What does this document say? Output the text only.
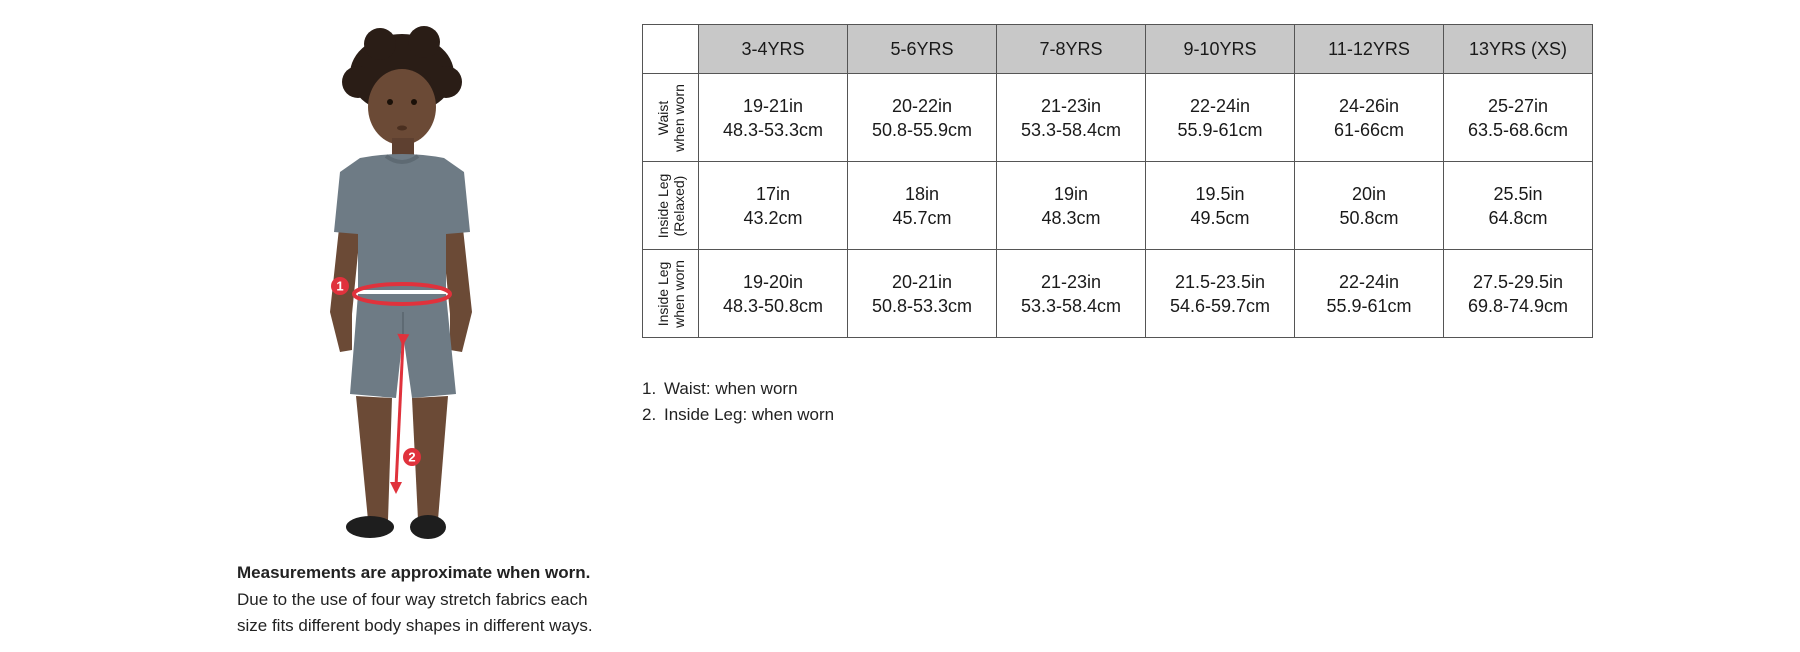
1
2
Measurements are approximate when worn.
Due to the use of four way stretch fabrics each
size fits different body shapes in different ways.
	3-4YRS	5-6YRS	7-8YRS	9-10YRS	11-12YRS	13YRS (XS)

Waist when worn	19-21in
48.3-53.3cm	20-22in
50.8-55.9cm	21-23in
53.3-58.4cm	22-24in
55.9-61cm	24-26in
61-66cm	25-27in
63.5-68.6cm

Inside Leg (Relaxed)	17in
43.2cm	18in
45.7cm	19in
48.3cm	19.5in
49.5cm	20in
50.8cm	25.5in
64.8cm

Inside Leg when worn	19-20in
48.3-50.8cm	20-21in
50.8-53.3cm	21-23in
53.3-58.4cm	21.5-23.5in
54.6-59.7cm	22-24in
55.9-61cm	27.5-29.5in
69.8-74.9cm
1. Waist: when worn
2. Inside Leg: when worn
